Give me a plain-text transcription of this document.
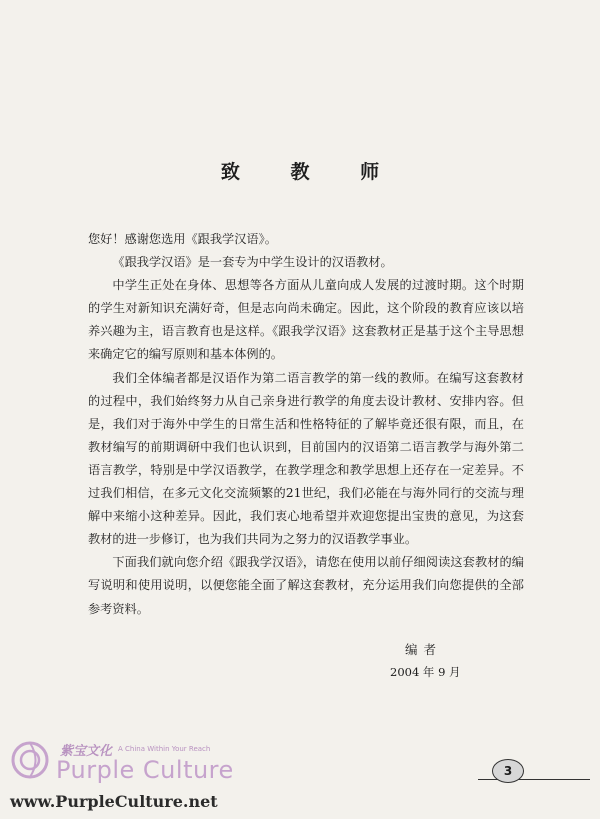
致 教 师

您好！感谢您选用《跟我学汉语》。

《跟我学汉语》是一套专为中学生设计的汉语教材。

中学生正处在身体、思想等各方面从儿童向成人发展的过渡时期。这个时期的学生对新知识充满好奇，但是志向尚未确定。因此，这个阶段的教育应该以培养兴趣为主，语言教育也是这样。《跟我学汉语》这套教材正是基于这个主导思想来确定它的编写原则和基本体例的。

我们全体编者都是汉语作为第二语言教学的第一线的教师。在编写这套教材的过程中，我们始终努力从自己亲身进行教学的角度去设计教材、安排内容。但是，我们对于海外中学生的日常生活和性格特征的了解毕竟还很有限，而且，在教材编写的前期调研中我们也认识到，目前国内的汉语第二语言教学与海外第二语言教学，特别是中学汉语教学，在教学理念和教学思想上还存在一定差异。不过我们相信，在多元文化交流频繁的21世纪，我们必能在与海外同行的交流与理解中来缩小这种差异。因此，我们衷心地希望并欢迎您提出宝贵的意见，为这套教材的进一步修订，也为我们共同为之努力的汉语教学事业。

下面我们就向您介绍《跟我学汉语》，请您在使用以前仔细阅读这套教材的编写说明和使用说明，以便您能全面了解这套教材，充分运用我们向您提供的全部参考资料。

编者
2004 年 9 月
3
紫宝文化 A China Within Your Reach
Purple Culture
www.PurpleCulture.net
